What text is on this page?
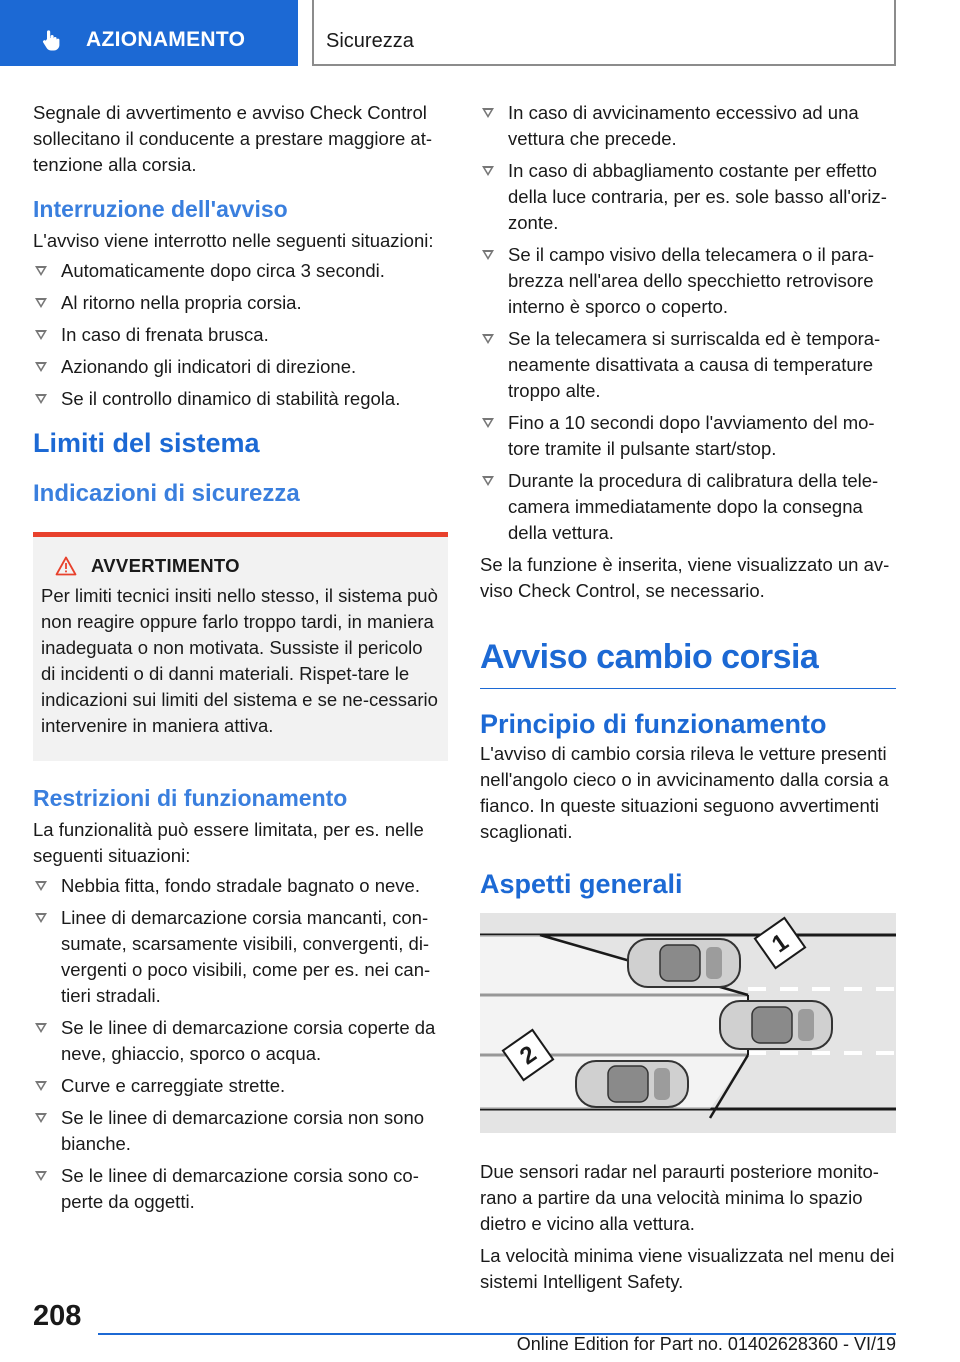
AZIONAMENTO	Sicurezza

Segnale di avvertimento e avviso Check Control sollecitano il conducente a prestare maggiore at-tenzione alla corsia.

Interruzione dell'avviso

L'avviso viene interrotto nelle seguenti situazioni:

Automaticamente dopo circa 3 secondi.
Al ritorno nella propria corsia.
In caso di frenata brusca.
Azionando gli indicatori di direzione.
Se il controllo dinamico di stabilità regola.
Limiti del sistema
Indicazioni di sicurezza
AVVERTIMENTO

Per limiti tecnici insiti nello stesso, il sistema può non reagire oppure farlo troppo tardi, in maniera inadeguata o non motivata. Sussiste il pericolo di incidenti o di danni materiali. Rispet-tare le indicazioni sui limiti del sistema e se ne-cessario intervenire in maniera attiva.

Restrizioni di funzionamento

La funzionalità può essere limitata, per es. nelle seguenti situazioni:

Nebbia fitta, fondo stradale bagnato o neve.
Linee di demarcazione corsia mancanti, con-sumate, scarsamente visibili, convergenti, di-vergenti o poco visibili, come per es. nei can-tieri stradali.
Se le linee di demarcazione corsia coperte da neve, ghiaccio, sporco o acqua.
Curve e carreggiate strette.
Se le linee di demarcazione corsia non sono bianche.
Se le linee di demarcazione corsia sono co-perte da oggetti.
In caso di avvicinamento eccessivo ad una vettura che precede.
In caso di abbagliamento costante per effetto della luce contraria, per es. sole basso all'oriz-zonte.
Se il campo visivo della telecamera o il para-brezza nell'area dello specchietto retrovisore interno è sporco o coperto.
Se la telecamera si surriscalda ed è tempora-neamente disattivata a causa di temperature troppo alte.
Fino a 10 secondi dopo l'avviamento del mo-tore tramite il pulsante start/stop.
Durante la procedura di calibratura della tele-camera immediatamente dopo la consegna della vettura.

Se la funzione è inserita, viene visualizzato un av-viso Check Control, se necessario.

Avviso cambio corsia
Principio di funzionamento

L'avviso di cambio corsia rileva le vetture presenti nell'angolo cieco o in avvicinamento dalla corsia a fianco. In queste situazioni seguono avvertimenti scaglionati.

Aspetti generali
1
2

Due sensori radar nel paraurti posteriore monito-rano a partire da una velocità minima lo spazio dietro e vicino alla vettura.

La velocità minima viene visualizzata nel menu dei sistemi Intelligent Safety.

208
Online Edition for Part no. 01402628360 - VI/19
